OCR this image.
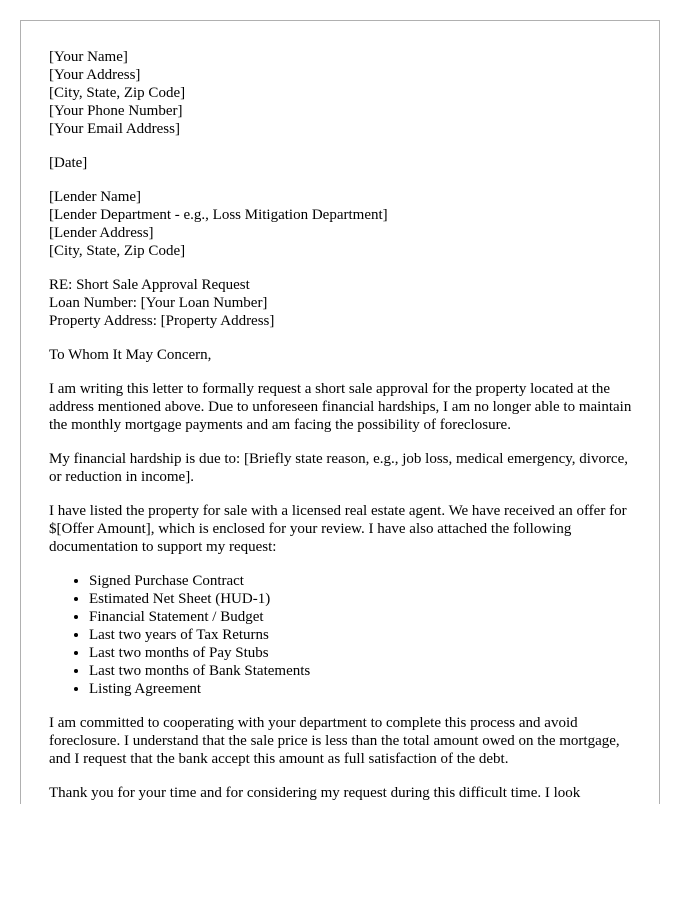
[Your Name]
[Your Address]
[City, State, Zip Code]
[Your Phone Number]
[Your Email Address]
[Date]
[Lender Name]
[Lender Department - e.g., Loss Mitigation Department]
[Lender Address]
[City, State, Zip Code]
RE: Short Sale Approval Request
Loan Number: [Your Loan Number]
Property Address: [Property Address]

To Whom It May Concern,

I am writing this letter to formally request a short sale approval for the property located at the address mentioned above. Due to unforeseen financial hardships, I am no longer able to maintain the monthly mortgage payments and am facing the possibility of foreclosure.

My financial hardship is due to: [Briefly state reason, e.g., job loss, medical emergency, divorce, or reduction in income].

I have listed the property for sale with a licensed real estate agent. We have received an offer for $[Offer Amount], which is enclosed for your review. I have also attached the following documentation to support my request:

• Signed Purchase Contract
• Estimated Net Sheet (HUD-1)
• Financial Statement / Budget
• Last two years of Tax Returns
• Last two months of Pay Stubs
• Last two months of Bank Statements
• Listing Agreement

I am committed to cooperating with your department to complete this process and avoid foreclosure. I understand that the sale price is less than the total amount owed on the mortgage, and I request that the bank accept this amount as full satisfaction of the debt.

Thank you for your time and for considering my request during this difficult time. I look
